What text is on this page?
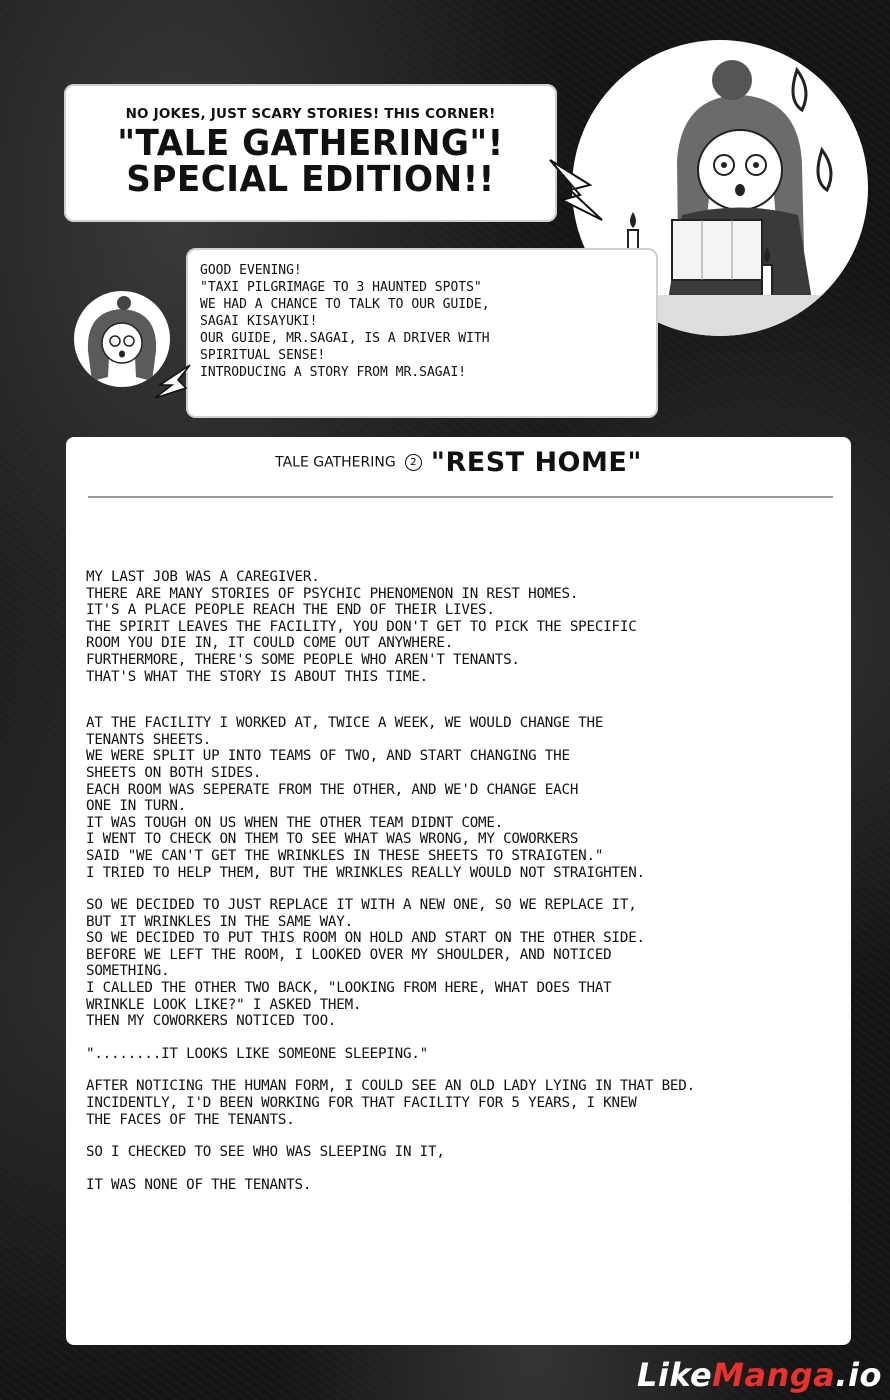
NO JOKES, JUST SCARY STORIES! THIS CORNER!
"TALE GATHERING"!
SPECIAL EDITION!!
GOOD EVENING!
"TAXI PILGRIMAGE TO 3 HAUNTED SPOTS"
WE HAD A CHANCE TO TALK TO OUR GUIDE,
SAGAI KISAYUKI!
OUR GUIDE, MR.SAGAI, IS A DRIVER WITH
SPIRITUAL SENSE!
INTRODUCING A STORY FROM MR.SAGAI!
TALE GATHERING 2 "REST HOME"

MY LAST JOB WAS A CAREGIVER.
THERE ARE MANY STORIES OF PSYCHIC PHENOMENON IN REST HOMES.
IT'S A PLACE PEOPLE REACH THE END OF THEIR LIVES.
THE SPIRIT LEAVES THE FACILITY, YOU DON'T GET TO PICK THE SPECIFIC
ROOM YOU DIE IN, IT COULD COME OUT ANYWHERE.
FURTHERMORE, THERE'S SOME PEOPLE WHO AREN'T TENANTS.
THAT'S WHAT THE STORY IS ABOUT THIS TIME.

AT THE FACILITY I WORKED AT, TWICE A WEEK, WE WOULD CHANGE THE
TENANTS SHEETS.
WE WERE SPLIT UP INTO TEAMS OF TWO, AND START CHANGING THE
SHEETS ON BOTH SIDES.
EACH ROOM WAS SEPERATE FROM THE OTHER, AND WE'D CHANGE EACH
ONE IN TURN.
IT WAS TOUGH ON US WHEN THE OTHER TEAM DIDNT COME.
I WENT TO CHECK ON THEM TO SEE WHAT WAS WRONG, MY COWORKERS
SAID "WE CAN'T GET THE WRINKLES IN THESE SHEETS TO STRAIGTEN."
I TRIED TO HELP THEM, BUT THE WRINKLES REALLY WOULD NOT STRAIGHTEN.

SO WE DECIDED TO JUST REPLACE IT WITH A NEW ONE, SO WE REPLACE IT,
BUT IT WRINKLES IN THE SAME WAY.
SO WE DECIDED TO PUT THIS ROOM ON HOLD AND START ON THE OTHER SIDE.
BEFORE WE LEFT THE ROOM, I LOOKED OVER MY SHOULDER, AND NOTICED
SOMETHING.
I CALLED THE OTHER TWO BACK, "LOOKING FROM HERE, WHAT DOES THAT
WRINKLE LOOK LIKE?" I ASKED THEM.
THEN MY COWORKERS NOTICED TOO.

"........IT LOOKS LIKE SOMEONE SLEEPING."

AFTER NOTICING THE HUMAN FORM, I COULD SEE AN OLD LADY LYING IN THAT BED.
INCIDENTLY, I'D BEEN WORKING FOR THAT FACILITY FOR 5 YEARS, I KNEW
THE FACES OF THE TENANTS.

SO I CHECKED TO SEE WHO WAS SLEEPING IN IT,

IT WAS NONE OF THE TENANTS.

LikeManga.io
